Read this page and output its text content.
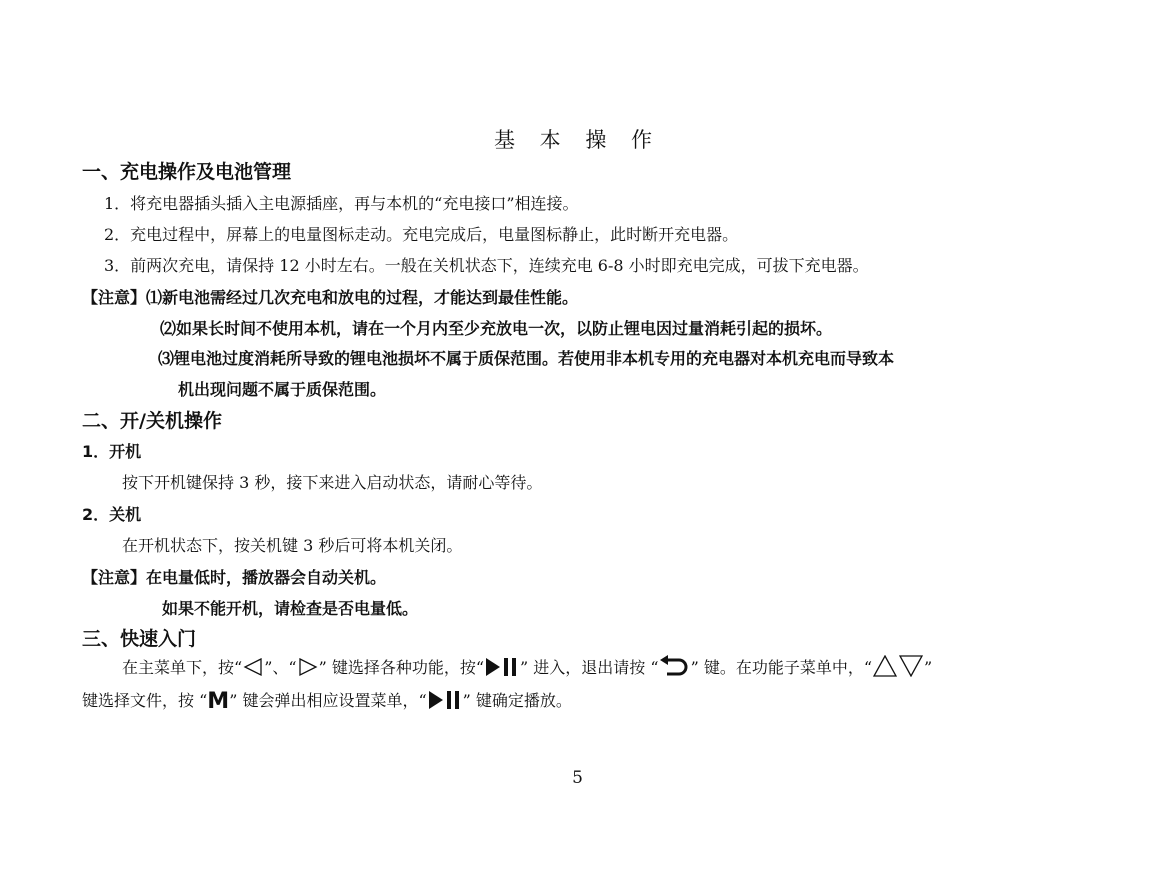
基 本 操 作
一、充电操作及电池管理
1．将充电器插头插入主电源插座，再与本机的“充电接口”相连接。
2．充电过程中，屏幕上的电量图标走动。充电完成后，电量图标静止，此时断开充电器。
3．前两次充电，请保持 12 小时左右。一般在关机状态下，连续充电 6-8 小时即充电完成，可拔下充电器。
【注意】⑴新电池需经过几次充电和放电的过程，才能达到最佳性能。
⑵如果长时间不使用本机，请在一个月内至少充放电一次，以防止锂电因过量消耗引起的损坏。
⑶锂电池过度消耗所导致的锂电池损坏不属于质保范围。若使用非本机专用的充电器对本机充电而导致本
机出现问题不属于质保范围。
二、开/关机操作
1．开机
按下开机键保持 3 秒，接下来进入启动状态，请耐心等待。
2．关机
在开机状态下，按关机键 3 秒后可将本机关闭。
【注意】在电量低时，播放器会自动关机。
如果不能开机，请检查是否电量低。
三、快速入门
在主菜单下，按“ ”、“ ” 键选择各种功能，按“ ” 进入，退出请按 “ ” 键。在功能子菜单中，“	”
键选择文件，按 “M” 键会弹出相应设置菜单，“ ” 键确定播放。
5
